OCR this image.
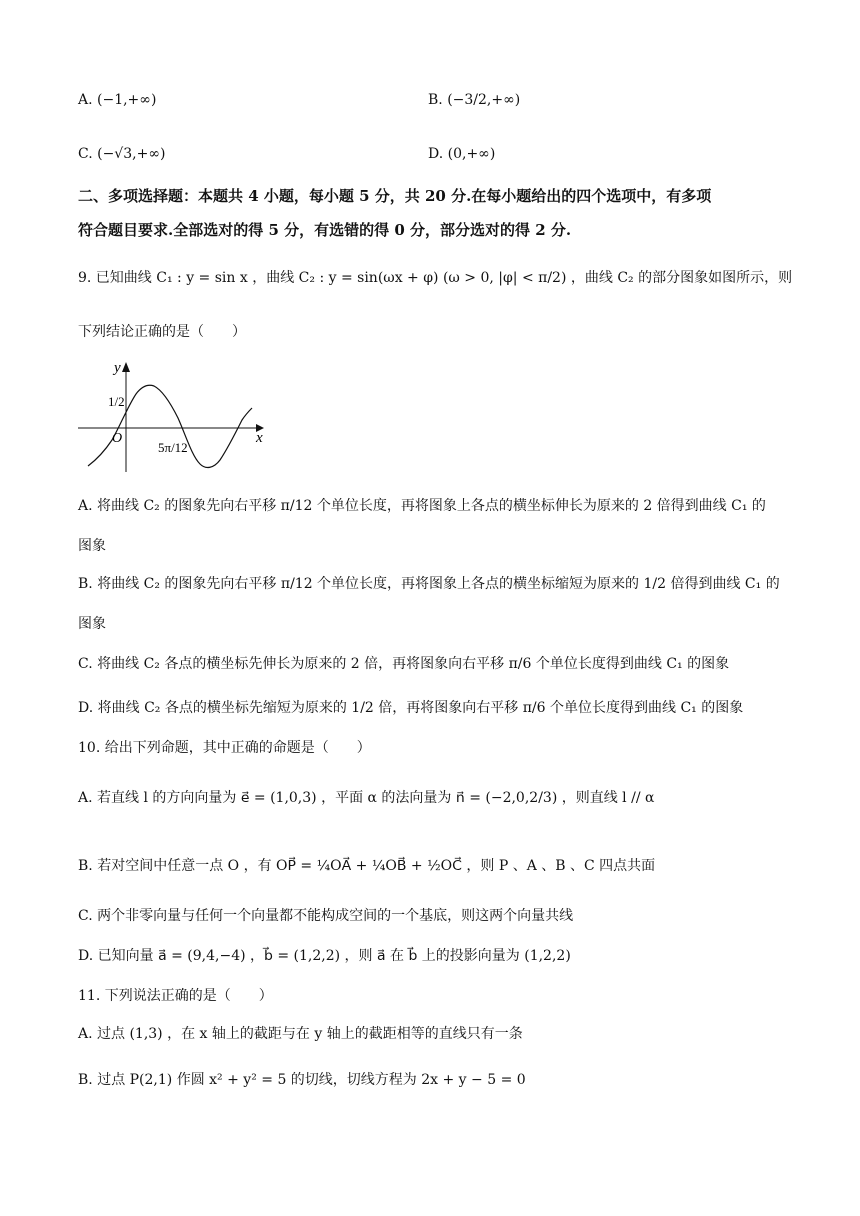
A. (−1,+∞)	B. (−3/2,+∞)
C. (−√3,+∞)	D. (0,+∞)
二、多项选择题：本题共 4 小题，每小题 5 分，共 20 分.在每小题给出的四个选项中，有多项
符合题目要求.全部选对的得 5 分，有选错的得 0 分，部分选对的得 2 分.
9. 已知曲线 C₁ : y = sin x ，曲线 C₂ : y = sin(ωx + φ) (ω > 0, |φ| < π/2) ，曲线 C₂ 的部分图象如图所示，则
下列结论正确的是（　　）
y
x
O
1/2
5π/12
A. 将曲线 C₂ 的图象先向右平移 π/12 个单位长度，再将图象上各点的横坐标伸长为原来的 2 倍得到曲线 C₁ 的
图象
B. 将曲线 C₂ 的图象先向右平移 π/12 个单位长度，再将图象上各点的横坐标缩短为原来的 1/2 倍得到曲线 C₁ 的
图象
C. 将曲线 C₂ 各点的横坐标先伸长为原来的 2 倍，再将图象向右平移 π/6 个单位长度得到曲线 C₁ 的图象
D. 将曲线 C₂ 各点的横坐标先缩短为原来的 1/2 倍，再将图象向右平移 π/6 个单位长度得到曲线 C₁ 的图象
10. 给出下列命题，其中正确的命题是（　　）
A. 若直线 l 的方向向量为 e⃗ = (1,0,3) ，平面 α 的法向量为 n⃗ = (−2,0,2/3) ，则直线 l // α
B. 若对空间中任意一点 O ，有 OP⃗ = ¼OA⃗ + ¼OB⃗ + ½OC⃗ ，则 P 、A 、B 、C 四点共面
C. 两个非零向量与任何一个向量都不能构成空间的一个基底，则这两个向量共线
D. 已知向量 a⃗ = (9,4,−4) ，b⃗ = (1,2,2) ，则 a⃗ 在 b⃗ 上的投影向量为 (1,2,2)
11. 下列说法正确的是（　　）
A. 过点 (1,3) ，在 x 轴上的截距与在 y 轴上的截距相等的直线只有一条
B. 过点 P(2,1) 作圆 x² + y² = 5 的切线，切线方程为 2x + y − 5 = 0
